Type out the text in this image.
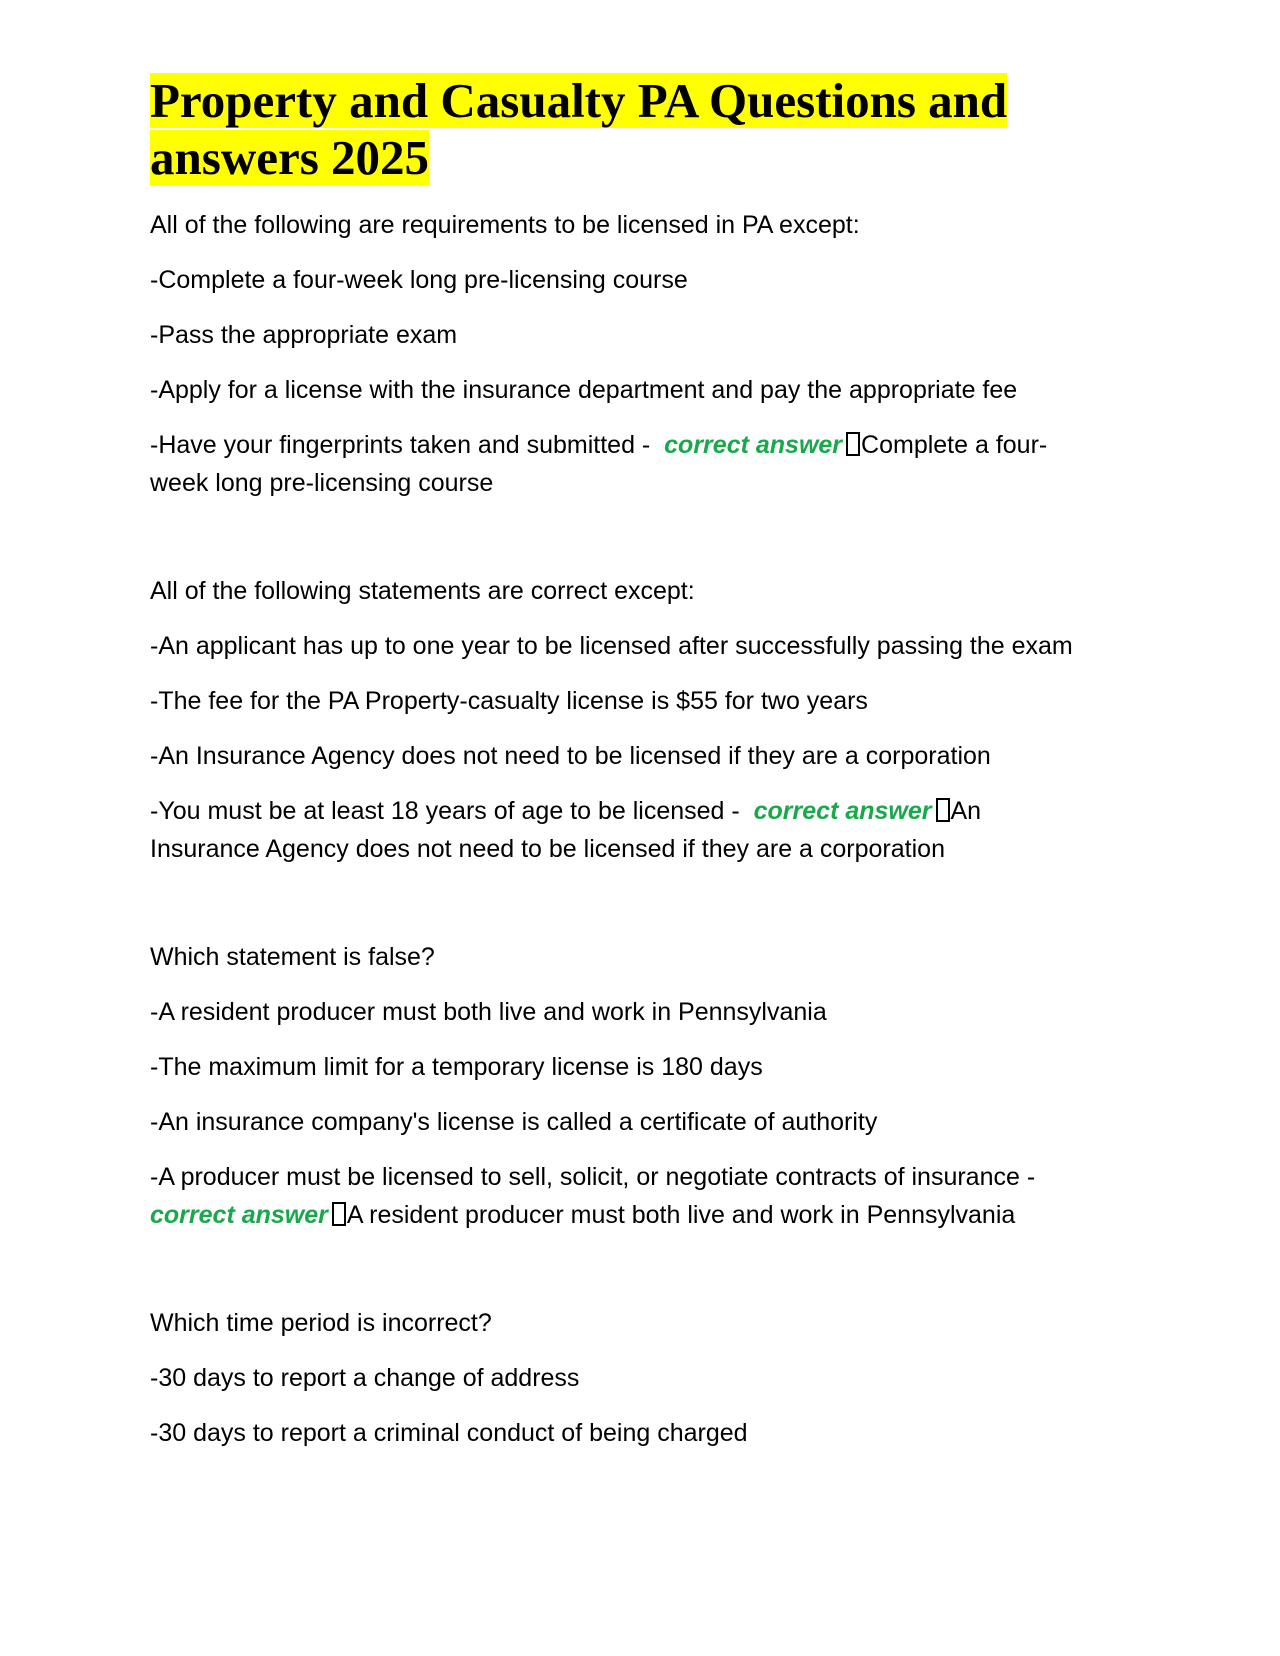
Property and Casualty PA Questions and answers 2025

All of the following are requirements to be licensed in PA except:

-Complete a four-week long pre-licensing course

-Pass the appropriate exam

-Apply for a license with the insurance department and pay the appropriate fee

-Have your fingerprints taken and submitted - correct answer Complete a four-
week long pre-licensing course

All of the following statements are correct except:

-An applicant has up to one year to be licensed after successfully passing the exam

-The fee for the PA Property-casualty license is $55 for two years

-An Insurance Agency does not need to be licensed if they are a corporation

-You must be at least 18 years of age to be licensed - correct answer An
Insurance Agency does not need to be licensed if they are a corporation

Which statement is false?

-A resident producer must both live and work in Pennsylvania

-The maximum limit for a temporary license is 180 days

-An insurance company's license is called a certificate of authority

-A producer must be licensed to sell, solicit, or negotiate contracts of insurance -
correct answer A resident producer must both live and work in Pennsylvania

Which time period is incorrect?

-30 days to report a change of address

-30 days to report a criminal conduct of being charged
